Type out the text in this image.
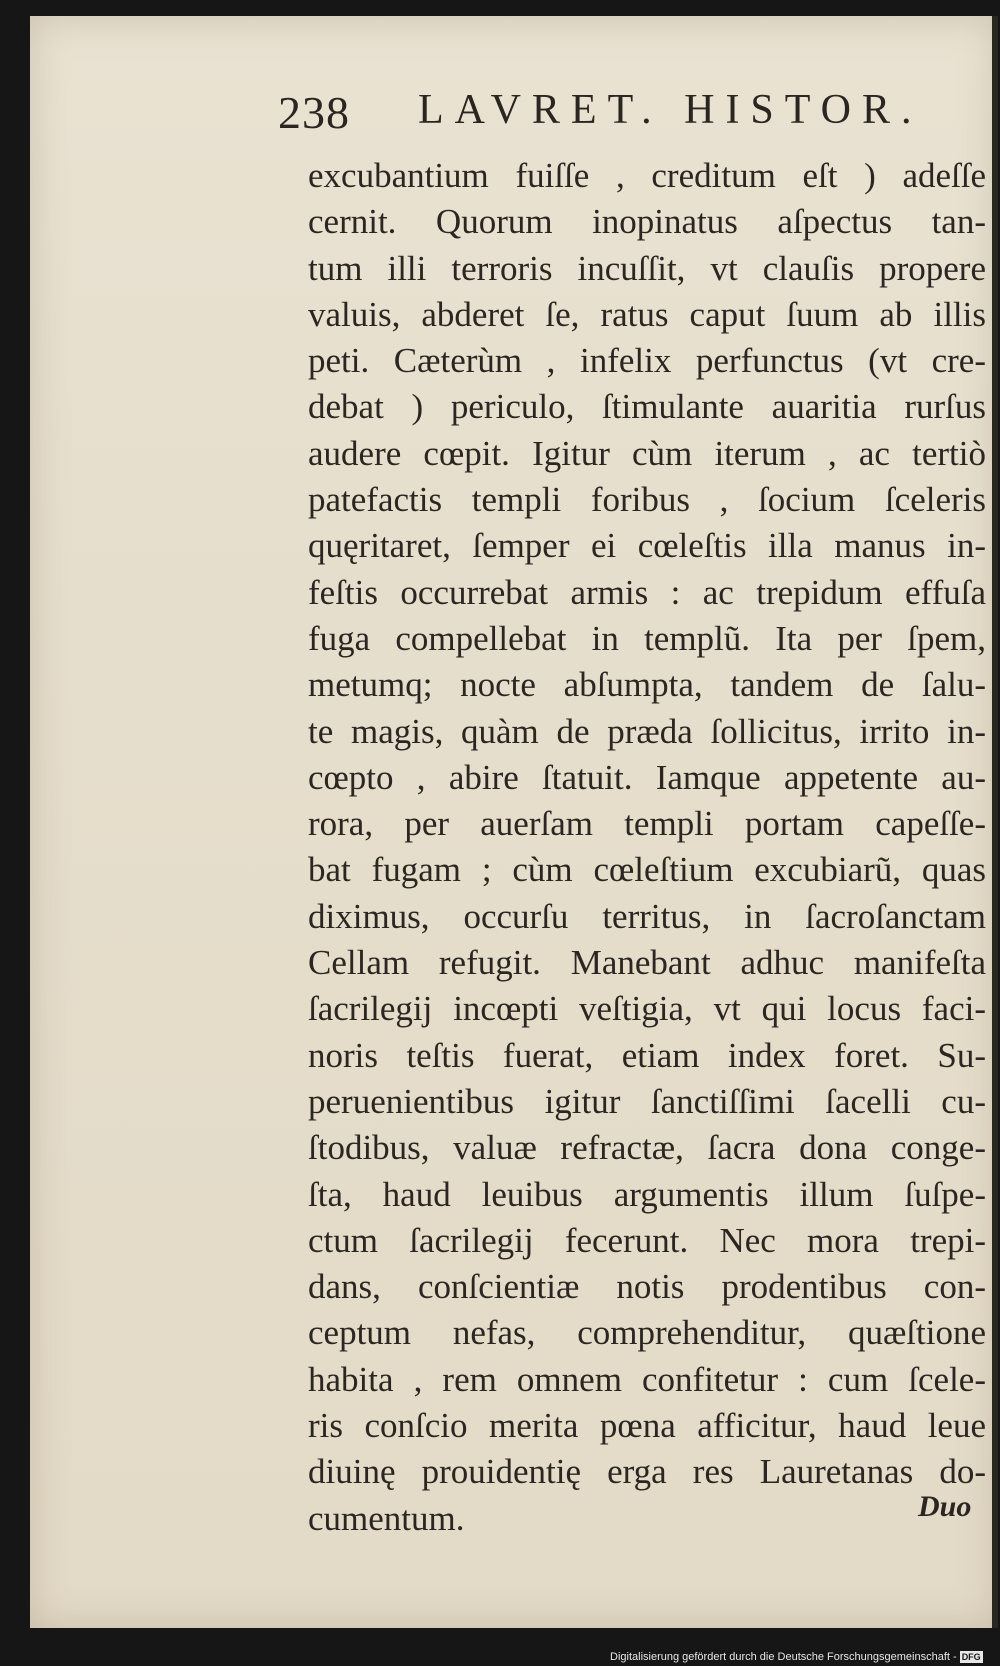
238 LAVRET. HISTOR.
excubantium fuiſſe , creditum eſt ) adeſſe
cernit. Quorum inopinatus aſpectus tan-
tum illi terroris incuſſit, vt clauſis propere
valuis, abderet ſe, ratus caput ſuum ab illis
peti. Cæterùm , infelix perfunctus (vt cre-
debat ) periculo, ſtimulante auaritia rurſus
audere cœpit. Igitur cùm iterum , ac tertiò
patefactis templi foribus , ſocium ſceleris
quęritaret, ſemper ei cœleſtis illa manus in-
feſtis occurrebat armis : ac trepidum effuſa
fuga compellebat in templũ. Ita per ſpem,
metumq; nocte abſumpta, tandem de ſalu-
te magis, quàm de præda ſollicitus, irrito in-
cœpto , abire ſtatuit. Iamque appetente au-
rora, per auerſam templi portam capeſſe-
bat fugam ; cùm cœleſtium excubiarũ, quas
diximus, occurſu territus, in ſacroſanctam
Cellam refugit. Manebant adhuc manifeſta
ſacrilegij incœpti veſtigia, vt qui locus faci-
noris teſtis fuerat, etiam index foret. Su-
peruenientibus igitur ſanctiſſimi ſacelli cu-
ſtodibus, valuæ refractæ, ſacra dona conge-
ſta, haud leuibus argumentis illum ſuſpe-
ctum ſacrilegij fecerunt. Nec mora trepi-
dans, conſcientiæ notis prodentibus con-
ceptum nefas, comprehenditur, quæſtione
habita , rem omnem confitetur : cum ſcele-
ris conſcio merita pœna afficitur, haud leue
diuinę prouidentię erga res Lauretanas do-
cumentum.	Duo
Digitalisierung gefördert durch die Deutsche Forschungsgemeinschaft - DFG
